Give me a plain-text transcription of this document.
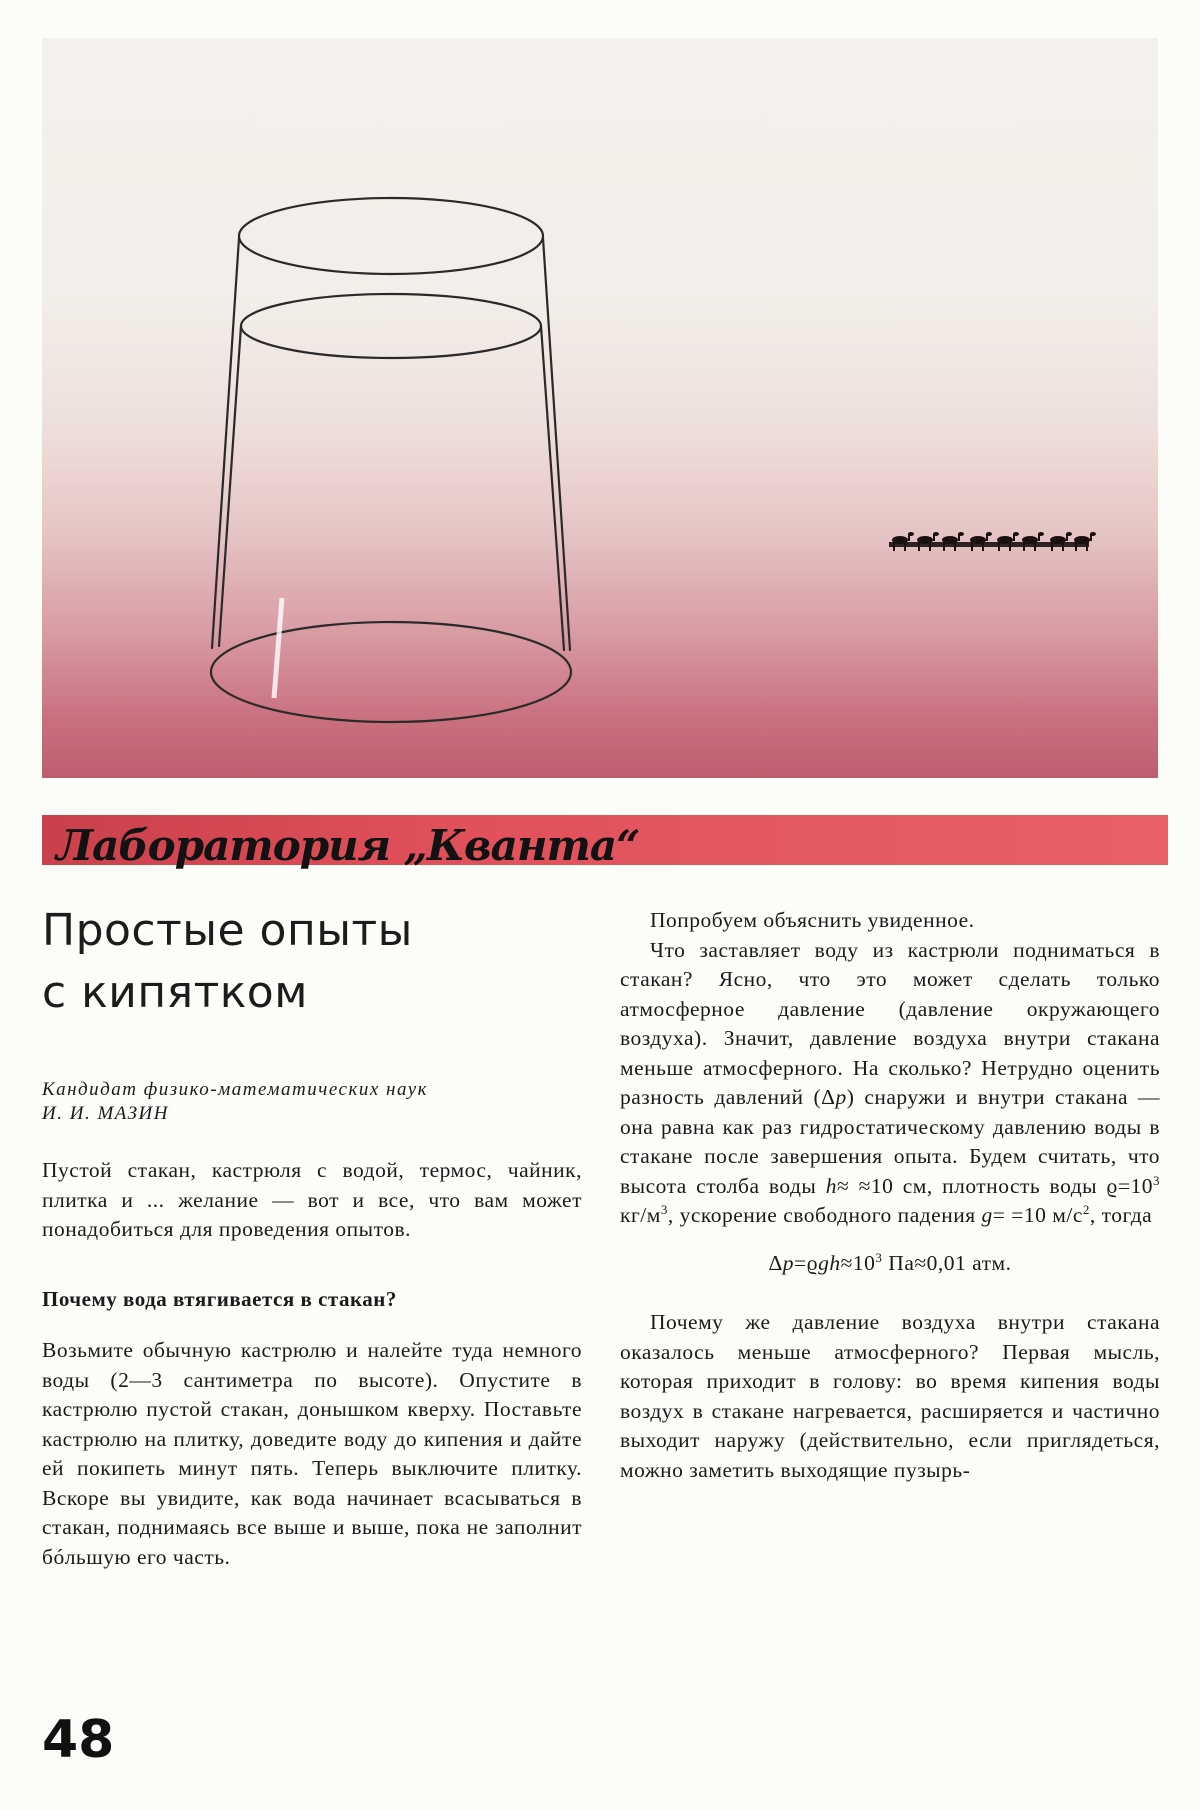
Лаборатория „Кванта“
Простые опыты
с кипятком
Кандидат физико-математических наук
И. И. МАЗИН

Пустой стакан, кастрюля с водой, термос, чайник, плитка и ... желание — вот и все, что вам может понадобиться для проведения опытов.

Почему вода втягивается в стакан?

Возьмите обычную кастрюлю и налейте туда немного воды (2—3 сантиметра по высоте). Опустите в кастрюлю пустой стакан, донышком кверху. Поставьте кастрюлю на плитку, доведите воду до кипения и дайте ей покипеть минут пять. Теперь выключите плитку. Вскоре вы увидите, как вода начинает всасываться в стакан, поднимаясь все выше и выше, пока не заполнит бóльшую его часть.

Попробуем объяснить увиденное.

Что заставляет воду из кастрюли подниматься в стакан? Ясно, что это может сделать только атмосферное давление (давление окружающего воздуха). Значит, давление воздуха внутри стакана меньше атмосферного. На сколько? Нетрудно оценить разность давлений (Δp) снаружи и внутри стакана — она равна как раз гидростатическому давлению воды в стакане после завершения опыта. Будем считать, что высота столба воды h≈ ≈10 см, плотность воды $ϱ=10^3$ $кг/м^3$, ускорение свободного падения g= =10 $м/с^2$, тогда

$\Delta p=ϱgh\approx 10^3$ Па≈0,01 атм.

Почему же давление воздуха внутри стакана оказалось меньше атмосферного? Первая мысль, которая приходит в голову: во время кипения воды воздух в стакане нагревается, расширяется и частично выходит наружу (действительно, если приглядеться, можно заметить выходящие пузырь-

48
